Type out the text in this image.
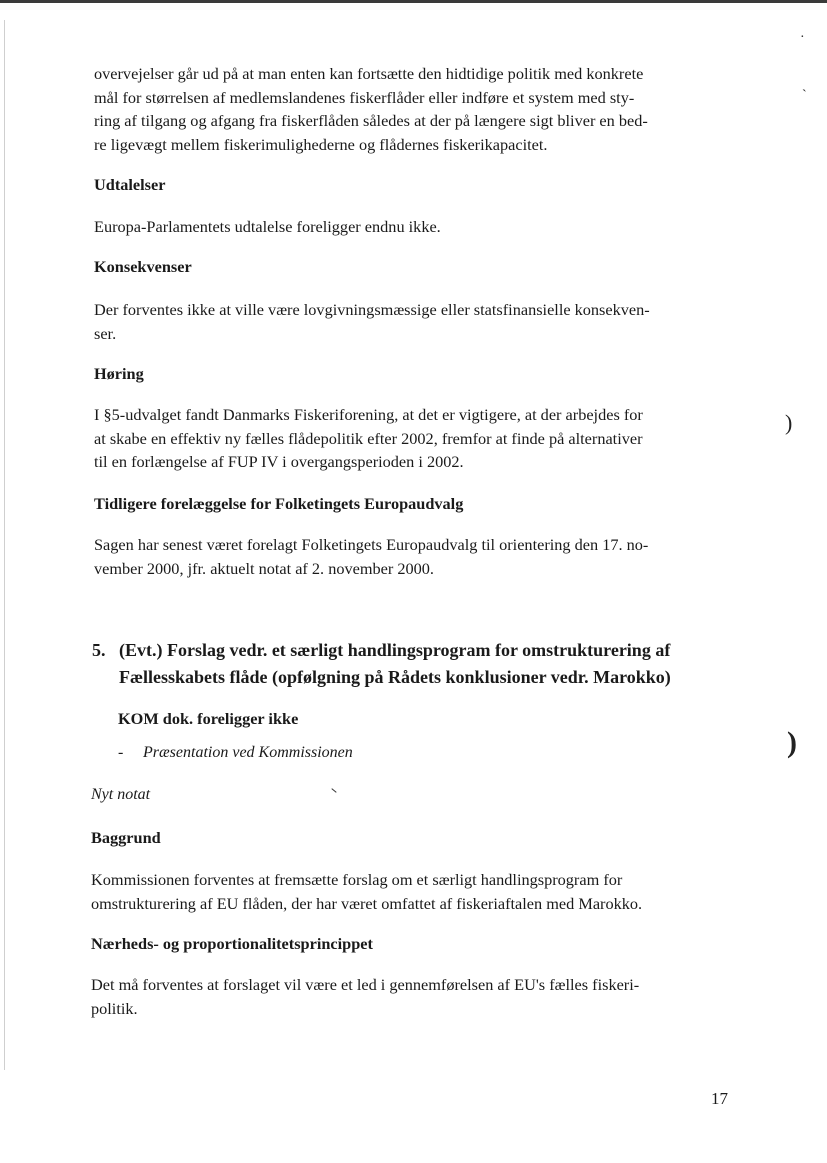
overvejelser går ud på at man enten kan fortsætte den hidtidige politik med konkrete
mål for størrelsen af medlemslandenes fiskerflåder eller indføre et system med sty-
ring af tilgang og afgang fra fiskerflåden således at der på længere sigt bliver en bed-
re ligevægt mellem fiskerimulighederne og flådernes fiskerikapacitet.

Udtalelser

Europa-Parlamentets udtalelse foreligger endnu ikke.

Konsekvenser

Der forventes ikke at ville være lovgivningsmæssige eller statsfinansielle konsekven-
ser.

Høring

I §5-udvalget fandt Danmarks Fiskeriforening, at det er vigtigere, at der arbejdes for
at skabe en effektiv ny fælles flådepolitik efter 2002, fremfor at finde på alternativer
til en forlængelse af FUP IV i overgangsperioden i 2002.

Tidligere forelæggelse for Folketingets Europaudvalg

Sagen har senest været forelagt Folketingets Europaudvalg til orientering den 17. no-
vember 2000, jfr. aktuelt notat af 2. november 2000.

5. (Evt.) Forslag vedr. et særligt handlingsprogram for omstrukturering af
Fællesskabets flåde (opfølgning på Rådets konklusioner vedr. Marokko)
KOM dok. foreligger ikke
- Præsentation ved Kommissionen

Nyt notat

Baggrund

Kommissionen forventes at fremsætte forslag om et særligt handlingsprogram for
omstrukturering af EU flåden, der har været omfattet af fiskeriaftalen med Marokko.

Nærheds- og proportionalitetsprincippet

Det må forventes at forslaget vil være et led i gennemførelsen af EU's fælles fiskeri-
politik.

·
˴
)
)
17
